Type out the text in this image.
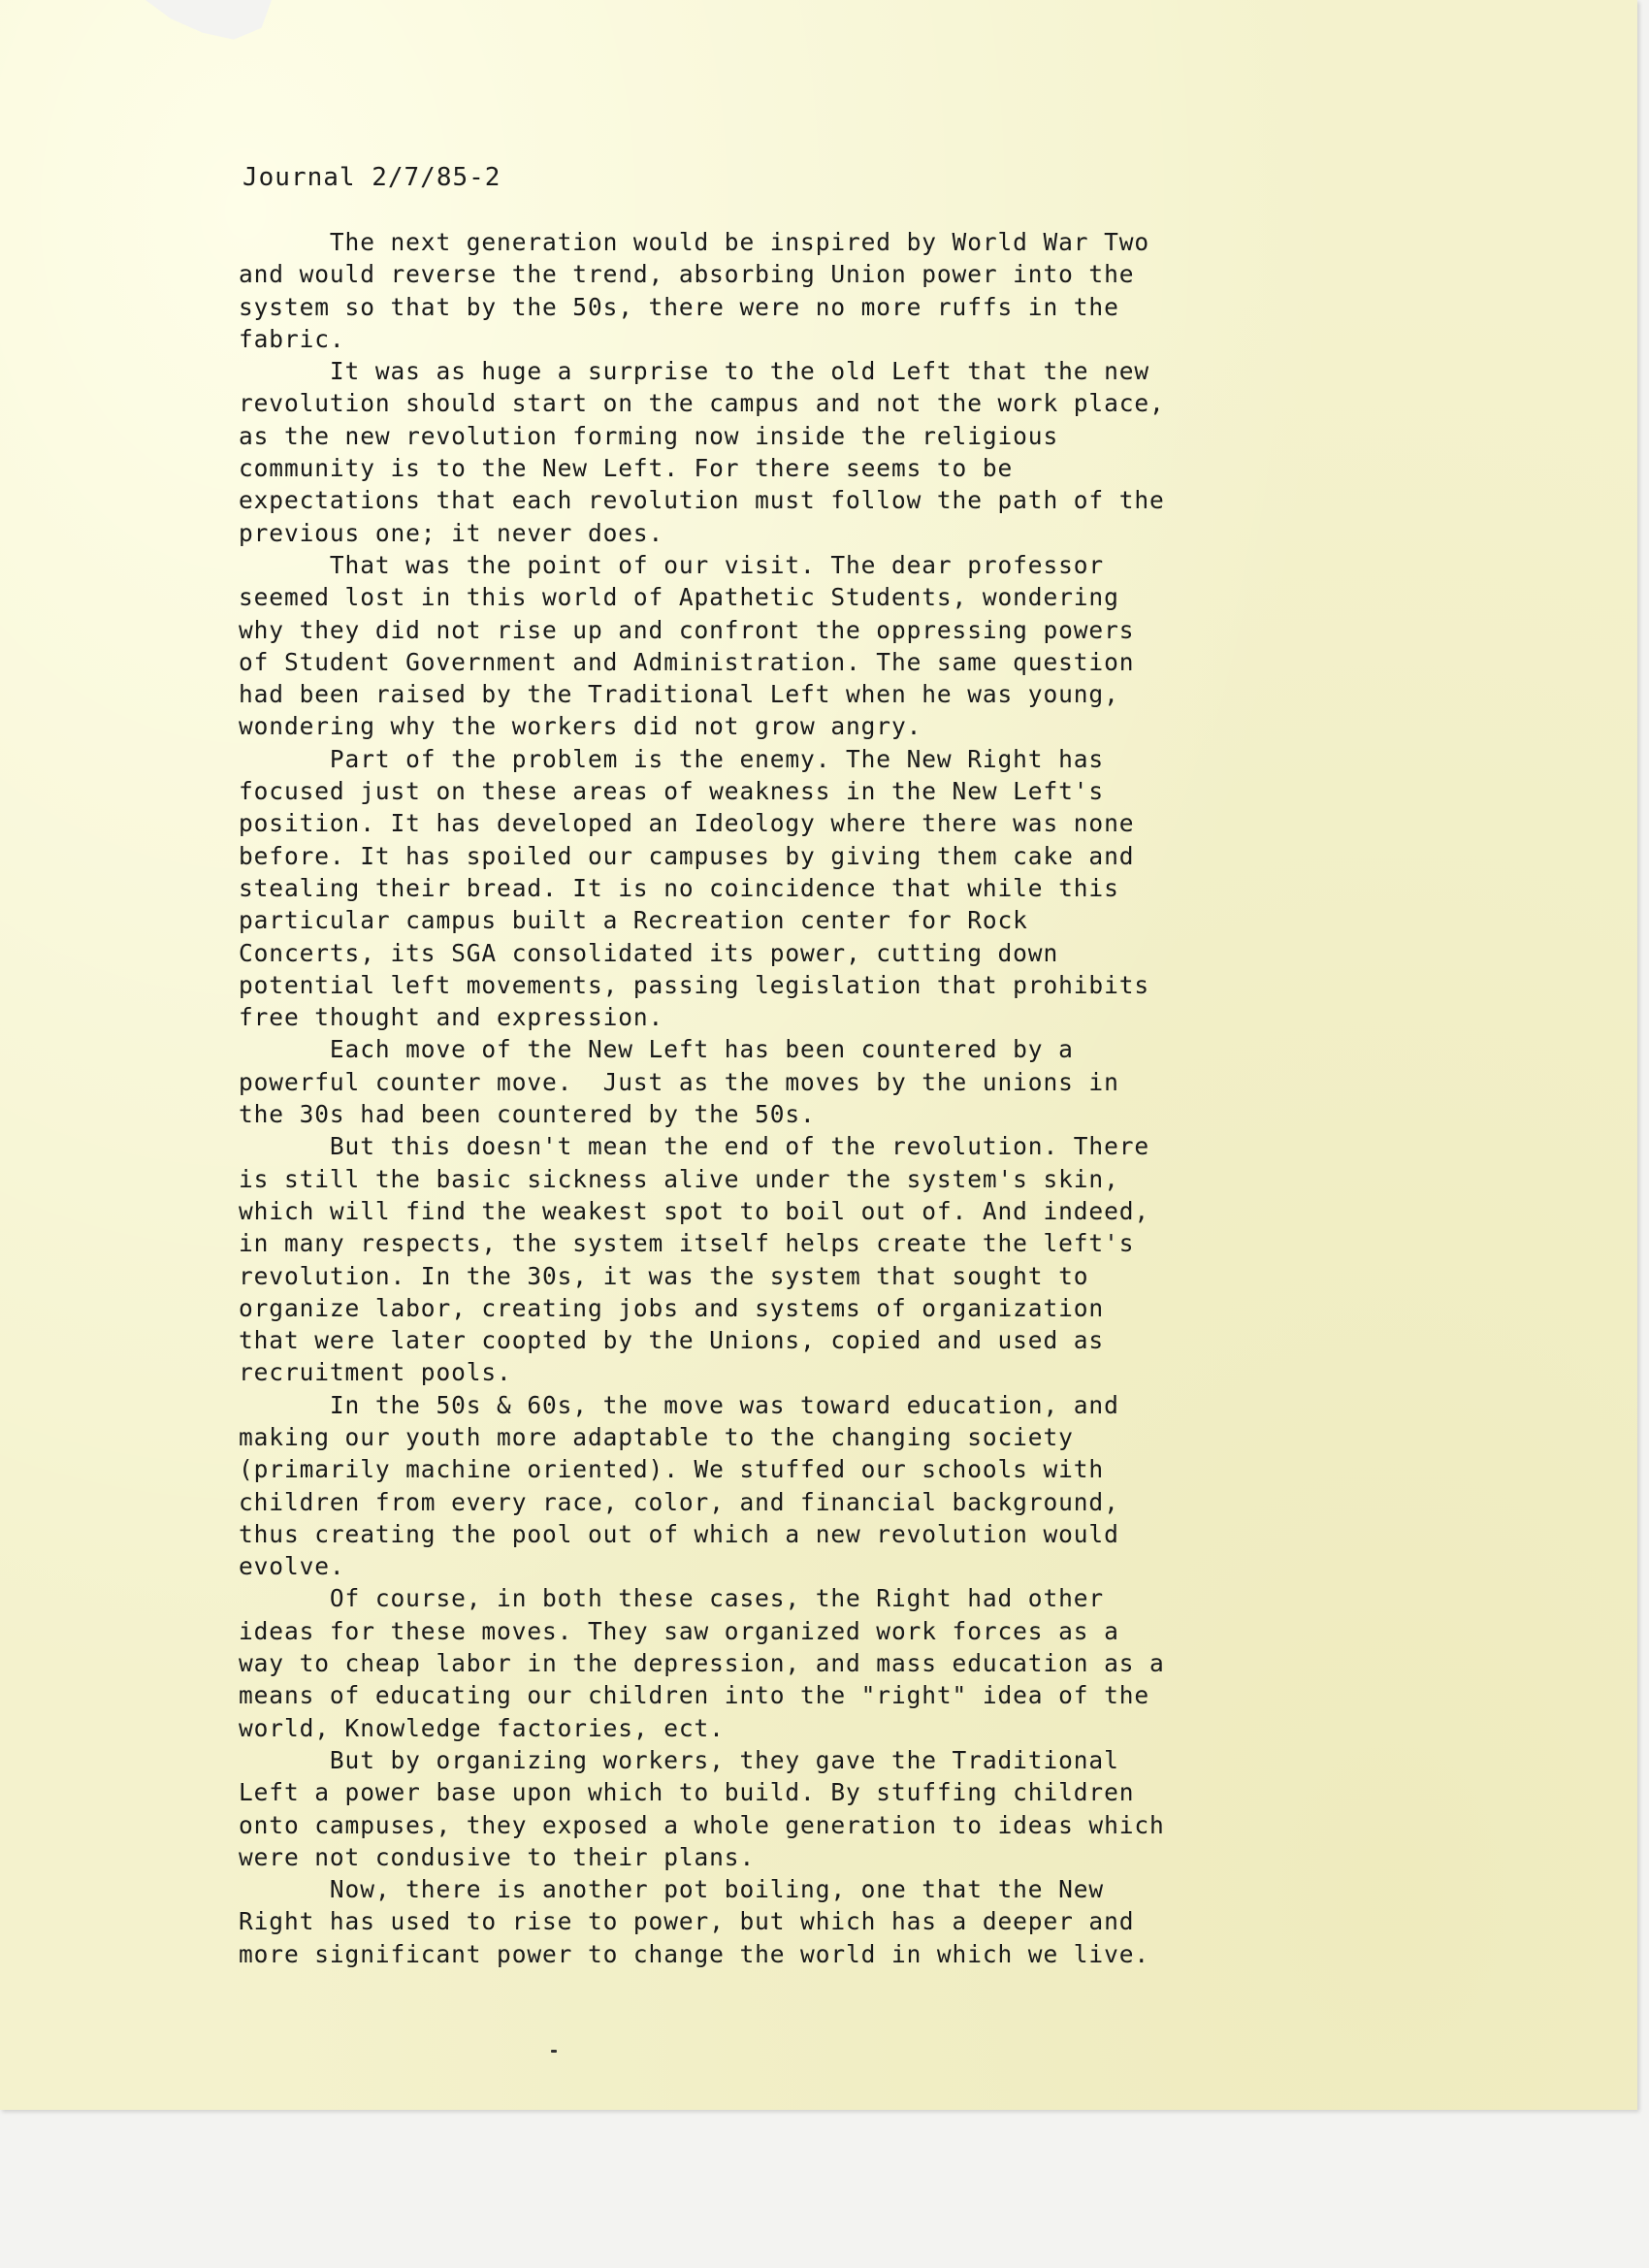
Journal 2/7/85-2
The next generation would be inspired by World War Two
and would reverse the trend, absorbing Union power into the
system so that by the 50s, there were no more ruffs in the
fabric.
It was as huge a surprise to the old Left that the new
revolution should start on the campus and not the work place,
as the new revolution forming now inside the religious
community is to the New Left. For there seems to be
expectations that each revolution must follow the path of the
previous one; it never does.
That was the point of our visit. The dear professor
seemed lost in this world of Apathetic Students, wondering
why they did not rise up and confront the oppressing powers
of Student Government and Administration. The same question
had been raised by the Traditional Left when he was young,
wondering why the workers did not grow angry.
Part of the problem is the enemy. The New Right has
focused just on these areas of weakness in the New Left's
position. It has developed an Ideology where there was none
before. It has spoiled our campuses by giving them cake and
stealing their bread. It is no coincidence that while this
particular campus built a Recreation center for Rock
Concerts, its SGA consolidated its power, cutting down
potential left movements, passing legislation that prohibits
free thought and expression.
Each move of the New Left has been countered by a
powerful counter move.  Just as the moves by the unions in
the 30s had been countered by the 50s.
But this doesn't mean the end of the revolution. There
is still the basic sickness alive under the system's skin,
which will find the weakest spot to boil out of. And indeed,
in many respects, the system itself helps create the left's
revolution. In the 30s, it was the system that sought to
organize labor, creating jobs and systems of organization
that were later coopted by the Unions, copied and used as
recruitment pools.
In the 50s & 60s, the move was toward education, and
making our youth more adaptable to the changing society
(primarily machine oriented). We stuffed our schools with
children from every race, color, and financial background,
thus creating the pool out of which a new revolution would
evolve.
Of course, in both these cases, the Right had other
ideas for these moves. They saw organized work forces as a
way to cheap labor in the depression, and mass education as a
means of educating our children into the "right" idea of the
world, Knowledge factories, ect.
But by organizing workers, they gave the Traditional
Left a power base upon which to build. By stuffing children
onto campuses, they exposed a whole generation to ideas which
were not condusive to their plans.
Now, there is another pot boiling, one that the New
Right has used to rise to power, but which has a deeper and
more significant power to change the world in which we live.
